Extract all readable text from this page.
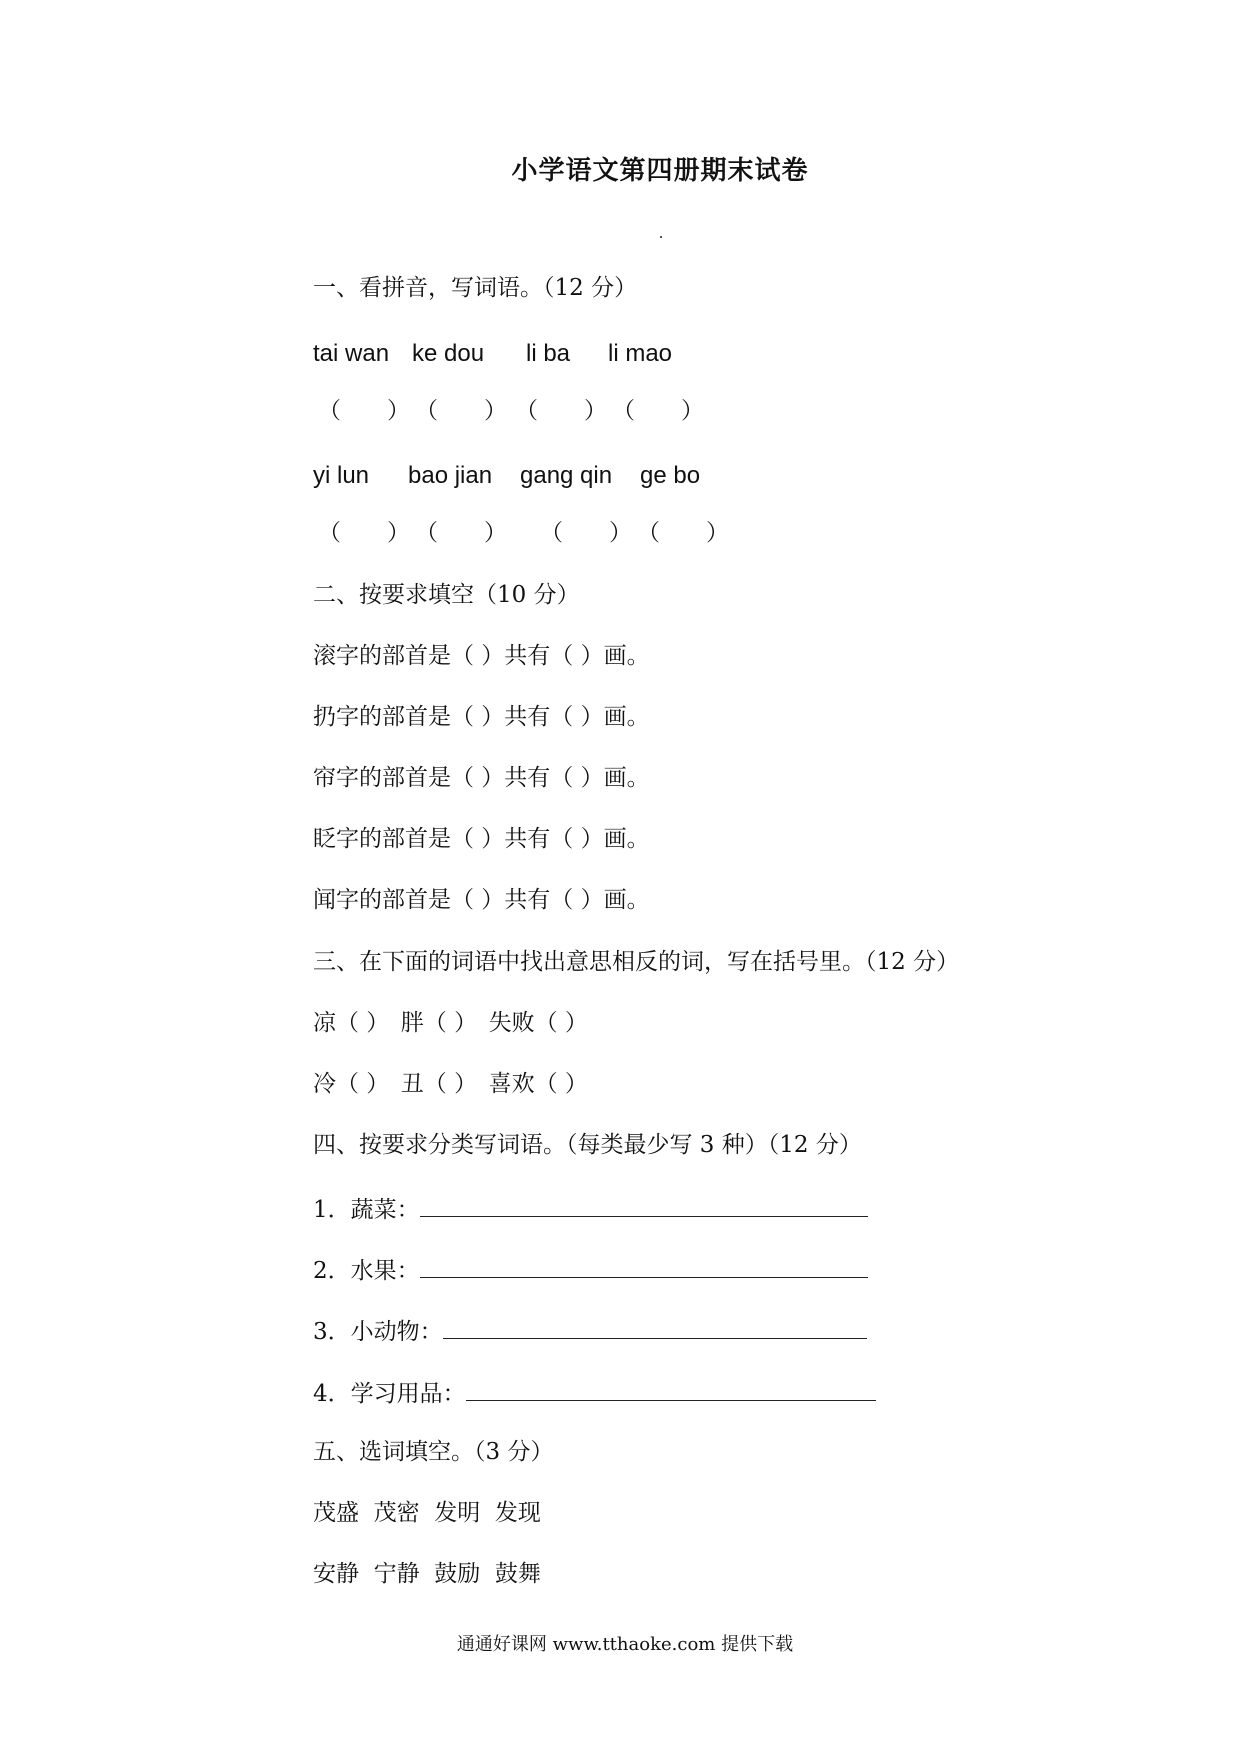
小学语文第四册期末试卷
一、看拼音，写词语。（12 分）
tai wan ke dou li ba li mao
（　　） （　　） （　　） （　　）
yi lun bao jian gang qin ge bo
（　　） （　　） （　　） （　　）
二、按要求填空（10 分）
滚字的部首是（ ）共有（ ）画。
扔字的部首是（ ）共有（ ）画。
帘字的部首是（ ）共有（ ）画。
眨字的部首是（ ）共有（ ）画。
闻字的部首是（ ）共有（ ）画。
三、在下面的词语中找出意思相反的词，写在括号里。（12 分）
凉（ ）　胖（ ）　失败（ ）
冷（ ）　丑（ ）　喜欢（ ）
四、按要求分类写词语。（每类最少写 3 种）（12 分）
1．蔬菜：
2．水果：
3．小动物：
4．学习用品：
五、选词填空。（3 分）
茂盛  茂密  发明  发现
安静  宁静  鼓励  鼓舞
通通好课网 www.tthaoke.com 提供下载
